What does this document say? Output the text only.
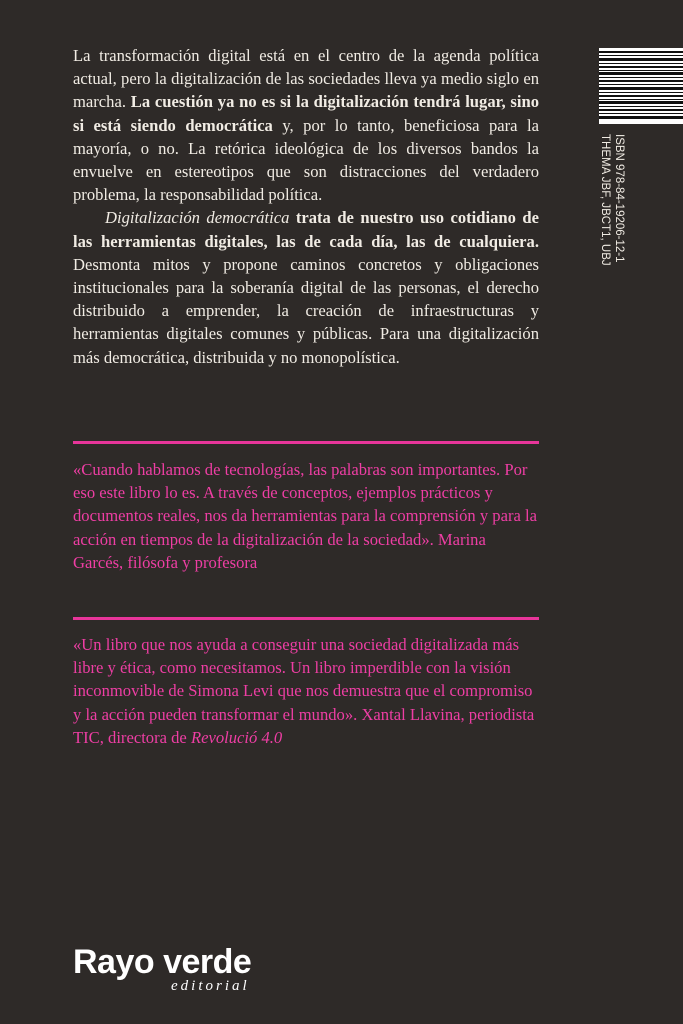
La transformación digital está en el centro de la agenda política actual, pero la digitalización de las sociedades lleva ya medio siglo en marcha. La cuestión ya no es si la digitalización tendrá lugar, sino si está siendo democrática y, por lo tanto, beneficiosa para la mayoría, o no. La retórica ideológica de los diversos bandos la envuelve en estereotipos que son distracciones del verdadero problema, la responsabilidad política.

Digitalización democrática trata de nuestro uso cotidiano de las herramientas digitales, las de cada día, las de cualquiera. Desmonta mitos y propone caminos concretos y obligaciones institucionales para la soberanía digital de las personas, el derecho distribuido a emprender, la creación de infraestructuras y herramientas digitales comunes y públicas. Para una digitalización más democrática, distribuida y no monopolística.

«Cuando hablamos de tecnologías, las palabras son importantes. Por eso este libro lo es. A través de conceptos, ejemplos prácticos y documentos reales, nos da herramientas para la comprensión y para la acción en tiempos de la digitalización de la sociedad». Marina Garcés, filósofa y profesora

«Un libro que nos ayuda a conseguir una sociedad digitalizada más libre y ética, como necesitamos. Un libro imperdible con la visión inconmovible de Simona Levi que nos demuestra que el compromiso y la acción pueden transformar el mundo». Xantal Llavina, periodista TIC, directora de Revolució 4.0

ISBN 978-84-19206-12-1
THEMA JBF, JBCT1, UBJ
Rayo verde
editorial
